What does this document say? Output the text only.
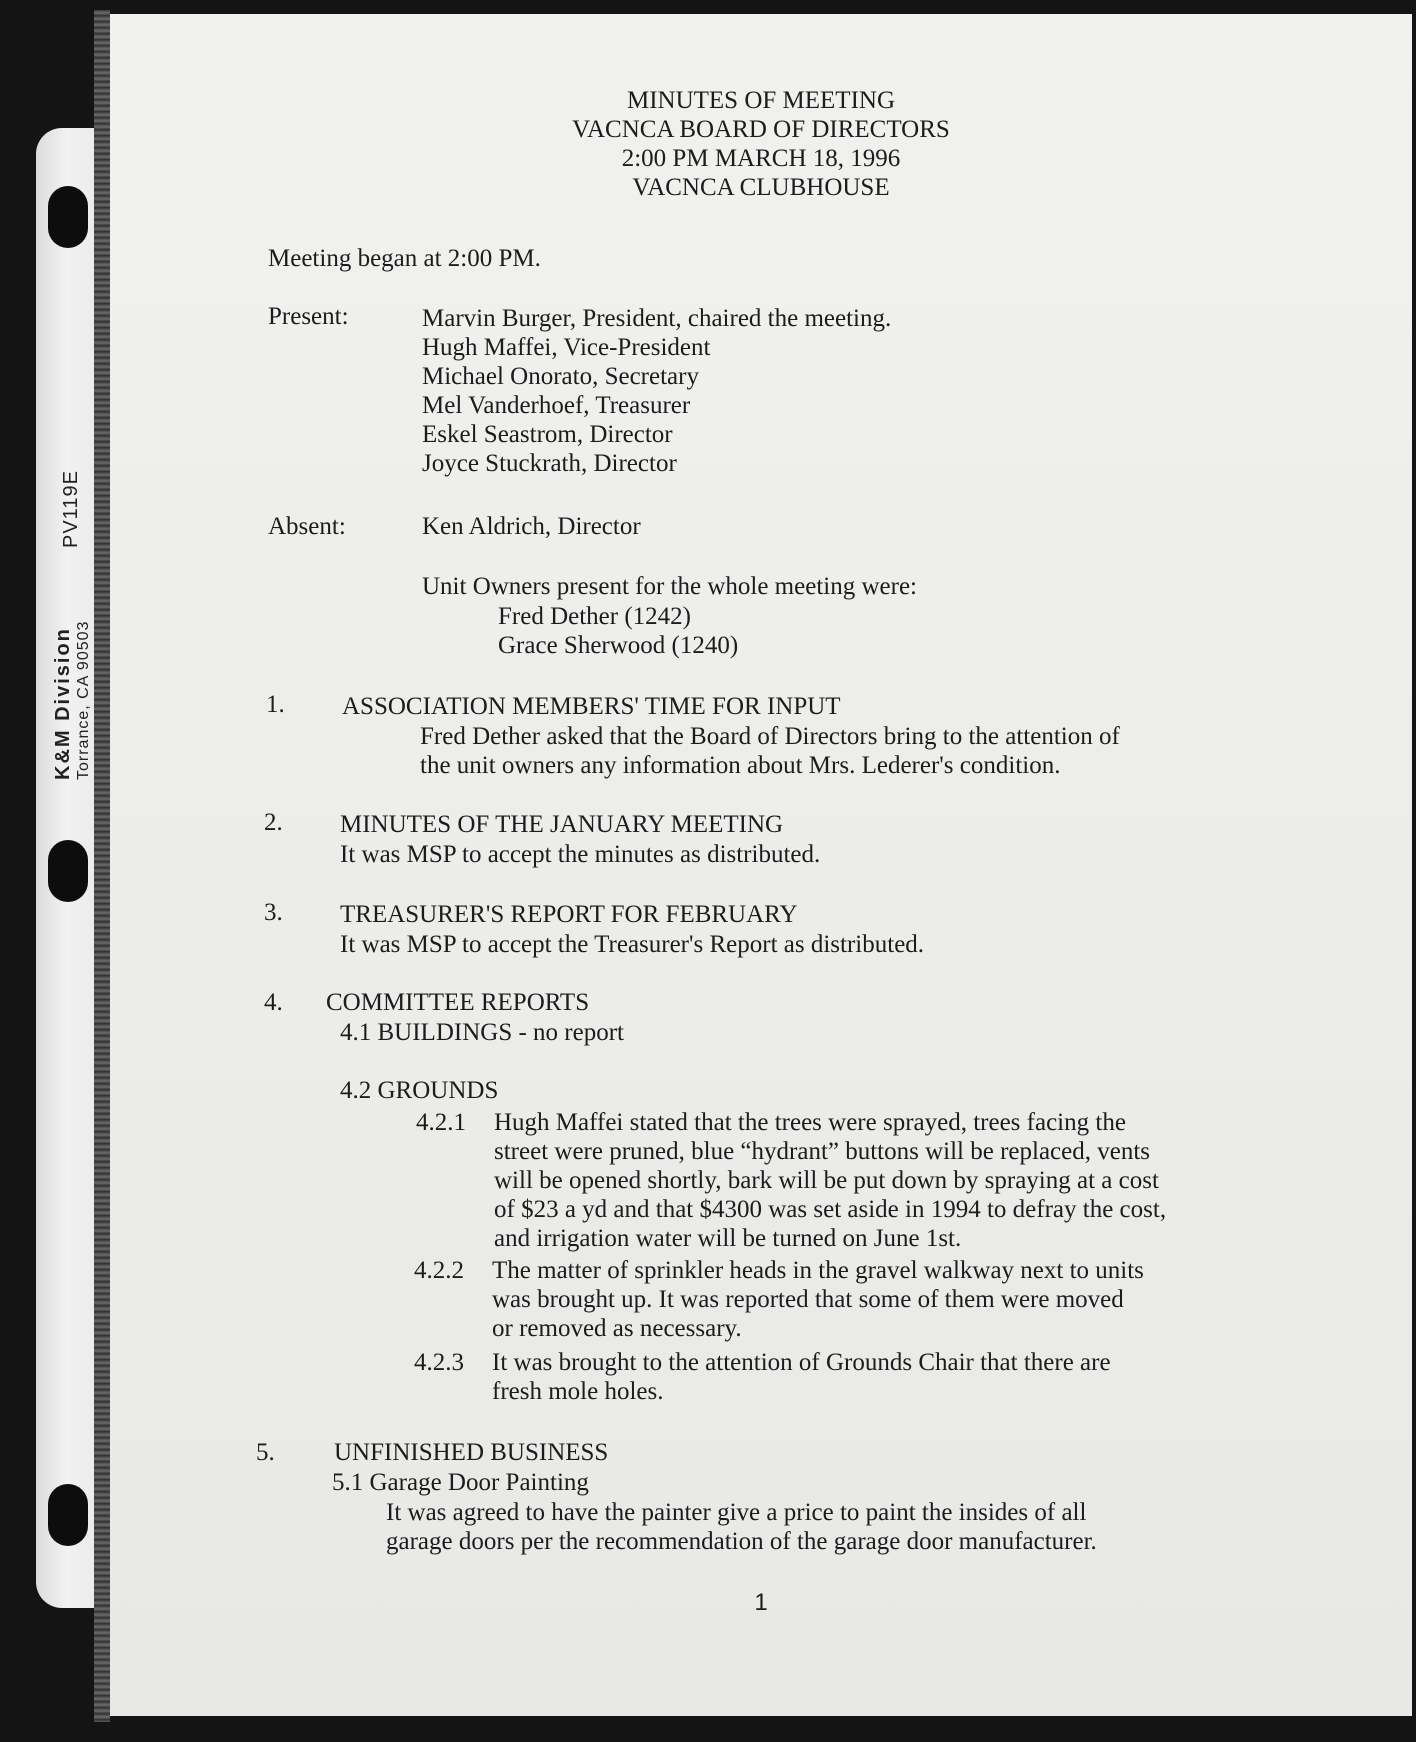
K&M Division Torrance, CA 90503
PV119E
MINUTES OF MEETING
VACNCA BOARD OF DIRECTORS
2:00 PM MARCH 18, 1996
VACNCA CLUBHOUSE
Meeting began at 2:00 PM.
Present:	Marvin Burger, President, chaired the meeting.
Hugh Maffei, Vice-President
Michael Onorato, Secretary
Mel Vanderhoef, Treasurer
Eskel Seastrom, Director
Joyce Stuckrath, Director
Absent:	Ken Aldrich, Director
Unit Owners present for the whole meeting were:
Fred Dether (1242)
Grace Sherwood (1240)
1. ASSOCIATION MEMBERS' TIME FOR INPUT
Fred Dether asked that the Board of Directors bring to the attention of
the unit owners any information about Mrs. Lederer's condition.
2. MINUTES OF THE JANUARY MEETING
It was MSP to accept the minutes as distributed.
3. TREASURER'S REPORT FOR FEBRUARY
It was MSP to accept the Treasurer's Report as distributed.
4. COMMITTEE REPORTS
4.1 BUILDINGS - no report
4.2 GROUNDS
4.2.1 Hugh Maffei stated that the trees were sprayed, trees facing the
street were pruned, blue “hydrant” buttons will be replaced, vents
will be opened shortly, bark will be put down by spraying at a cost
of $23 a yd and that $4300 was set aside in 1994 to defray the cost,
and irrigation water will be turned on June 1st.
4.2.2 The matter of sprinkler heads in the gravel walkway next to units
was brought up. It was reported that some of them were moved
or removed as necessary.
4.2.3 It was brought to the attention of Grounds Chair that there are
fresh mole holes.
5. UNFINISHED BUSINESS
5.1 Garage Door Painting
It was agreed to have the painter give a price to paint the insides of all
garage doors per the recommendation of the garage door manufacturer.
1
